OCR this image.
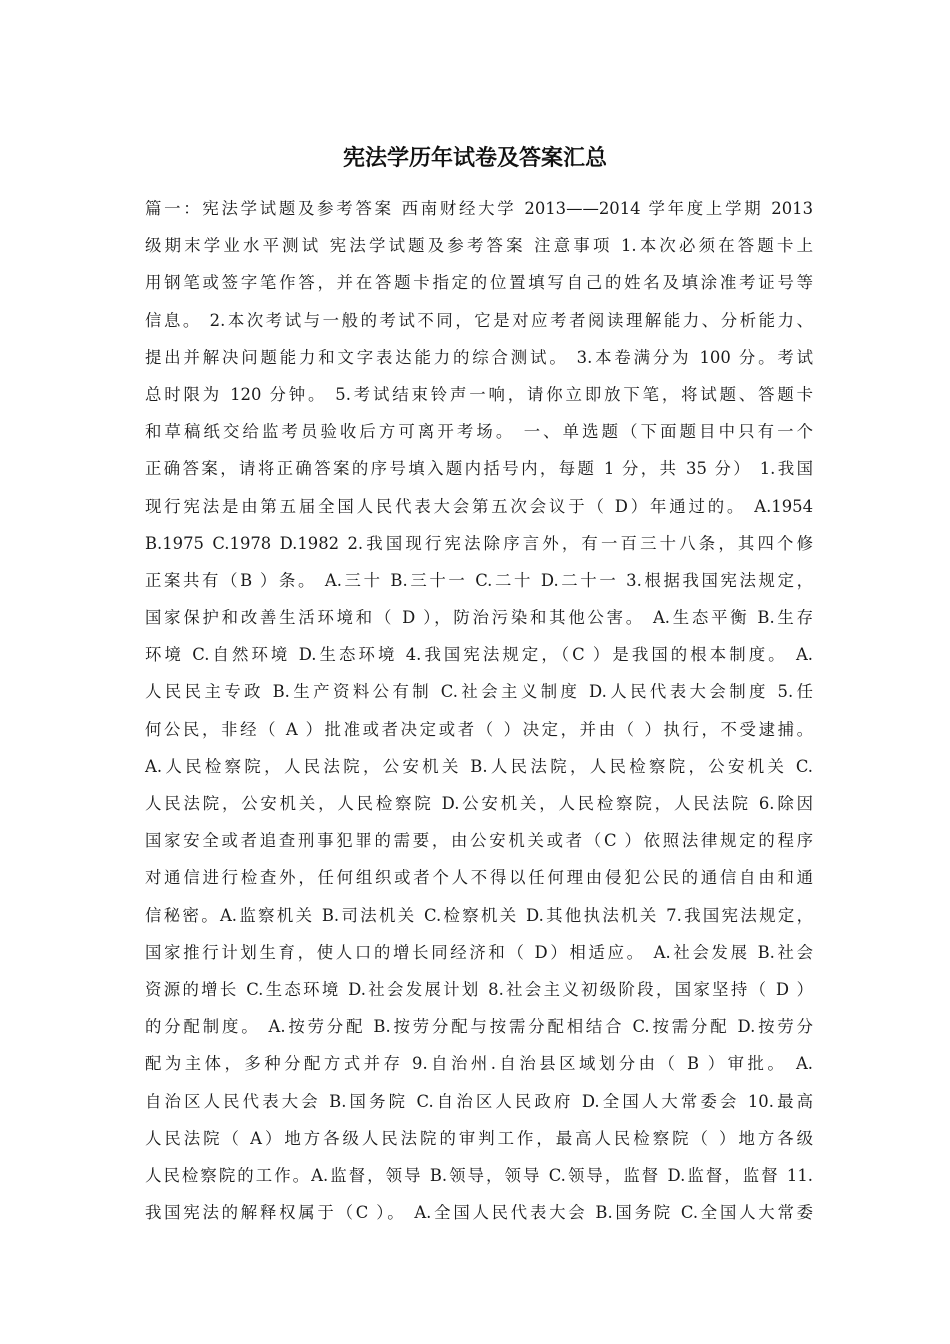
宪法学历年试卷及答案汇总
篇一：宪法学试题及参考答案 西南财经大学 2013——2014 学年度上学期 2013
级期末学业水平测试 宪法学试题及参考答案 注意事项 1.本次必须在答题卡上
用钢笔或签字笔作答，并在答题卡指定的位置填写自己的姓名及填涂准考证号等
信息。 2.本次考试与一般的考试不同，它是对应考者阅读理解能力、分析能力、
提出并解决问题能力和文字表达能力的综合测试。 3.本卷满分为 100 分。考试
总时限为 120 分钟。 5.考试结束铃声一响，请你立即放下笔，将试题、答题卡
和草稿纸交给监考员验收后方可离开考场。 一、单选题（下面题目中只有一个
正确答案，请将正确答案的序号填入题内括号内，每题 1 分，共 35 分） 1.我国
现行宪法是由第五届全国人民代表大会第五次会议于（ D）年通过的。 A.1954
B.1975 C.1978 D.1982 2.我国现行宪法除序言外，有一百三十八条，其四个修
正案共有（B ）条。 A.三十 B.三十一 C.二十 D.二十一 3.根据我国宪法规定，
国家保护和改善生活环境和（ D ），防治污染和其他公害。 A.生态平衡 B.生存
环境 C.自然环境 D.生态环境 4.我国宪法规定，（C ）是我国的根本制度。 A.
人民民主专政 B.生产资料公有制 C.社会主义制度 D.人民代表大会制度 5.任
何公民，非经（ A ）批准或者决定或者（ ）决定，并由（ ）执行，不受逮捕。
A.人民检察院，人民法院，公安机关 B.人民法院，人民检察院，公安机关 C.
人民法院，公安机关，人民检察院 D.公安机关，人民检察院，人民法院 6.除因
国家安全或者追查刑事犯罪的需要，由公安机关或者（C ）依照法律规定的程序
对通信进行检查外，任何组织或者个人不得以任何理由侵犯公民的通信自由和通
信秘密。A.监察机关 B.司法机关 C.检察机关 D.其他执法机关 7.我国宪法规定，
国家推行计划生育，使人口的增长同经济和（ D）相适应。 A.社会发展 B.社会
资源的增长 C.生态环境 D.社会发展计划 8.社会主义初级阶段，国家坚持（ D ）
的分配制度。 A.按劳分配 B.按劳分配与按需分配相结合 C.按需分配 D.按劳分
配为主体，多种分配方式并存 9.自治州.自治县区域划分由（ B ）审批。 A.
自治区人民代表大会 B.国务院 C.自治区人民政府 D.全国人大常委会 10.最高
人民法院（ A）地方各级人民法院的审判工作，最高人民检察院（ ）地方各级
人民检察院的工作。A.监督，领导 B.领导，领导 C.领导，监督 D.监督，监督 11.
我国宪法的解释权属于（C ）。 A.全国人民代表大会 B.国务院 C.全国人大常委
